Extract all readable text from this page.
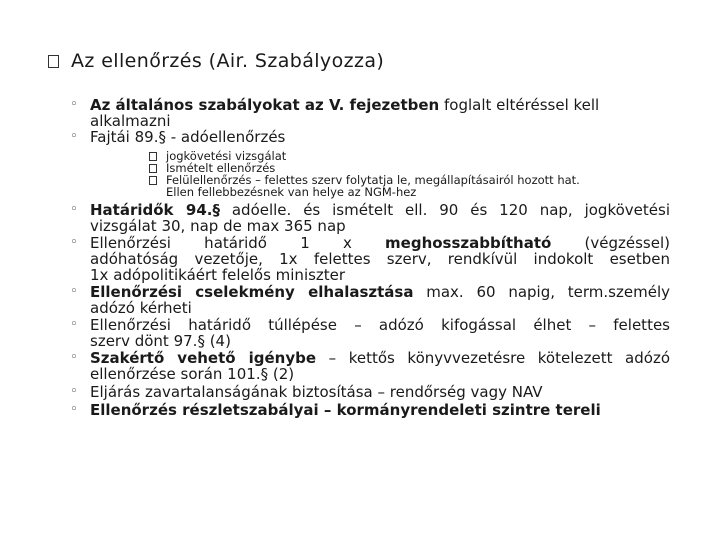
Az ellenőrzés (Air. Szabályozza)
◦ Az általános szabályokat az V. fejezetben foglalt eltéréssel kell
alkalmazni
◦ Fajtái 89.§ - adóellenőrzés
jogkövetési vizsgálat
Ismételt ellenőrzés
Felülellenőrzés – felettes szerv folytatja le, megállapításairól hozott hat.
Ellen fellebbezésnek van helye az NGM-hez
◦ Határidők 94.§ adóelle. és ismételt ell. 90 és 120 nap, jogkövetési
vizsgálat 30, nap de max 365 nap
◦ Ellenőrzési határidő 1 x meghosszabbítható (végzéssel)
adóhatóság vezetője, 1x felettes szerv, rendkívül indokolt esetben
1x adópolitikáért felelős miniszter
◦ Ellenőrzési cselekmény elhalasztása max. 60 napig, term.személy
adózó kérheti
◦ Ellenőrzési határidő túllépése – adózó kifogással élhet – felettes
szerv dönt 97.§ (4)
◦ Szakértő vehető igénybe – kettős könyvvezetésre kötelezett adózó
ellenőrzése során 101.§ (2)
◦ Eljárás zavartalanságának biztosítása – rendőrség vagy NAV
◦ Ellenőrzés részletszabályai – kormányrendeleti szintre tereli
